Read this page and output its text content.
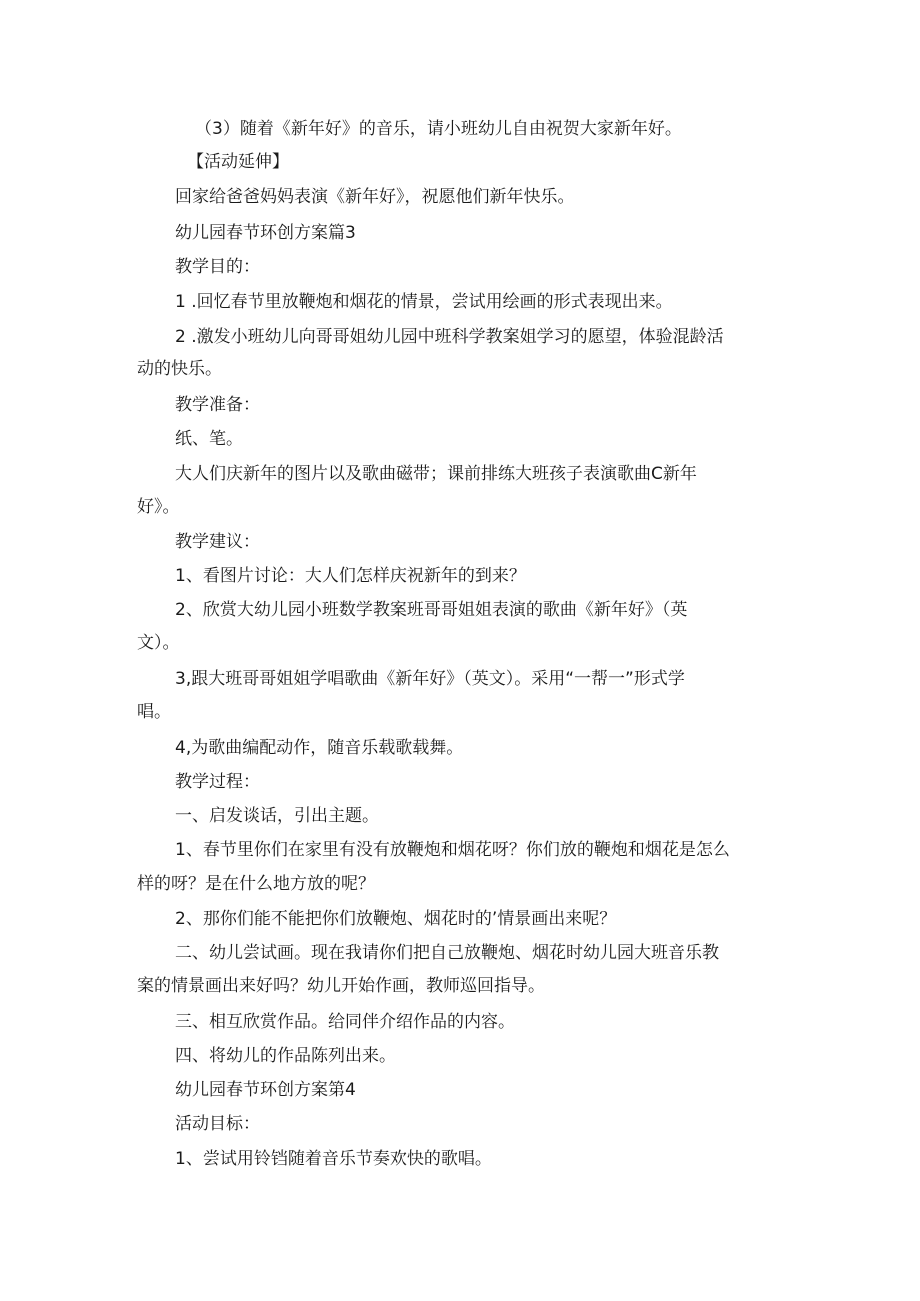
（3）随着《新年好》的音乐，请小班幼儿自由祝贺大家新年好。
【活动延伸】
回家给爸爸妈妈表演《新年好》，祝愿他们新年快乐。
幼儿园春节环创方案篇3
教学目的：
1 .回忆春节里放鞭炮和烟花的情景，尝试用绘画的形式表现出来。
2 .激发小班幼儿向哥哥姐幼儿园中班科学教案姐学习的愿望，体验混龄活
动的快乐。
教学准备：
纸、笔。
大人们庆新年的图片以及歌曲磁带；课前排练大班孩子表演歌曲C新年
好》。
教学建议：
1、看图片讨论：大人们怎样庆祝新年的到来？
2、欣赏大幼儿园小班数学教案班哥哥姐姐表演的歌曲《新年好》（英
文）。
3,跟大班哥哥姐姐学唱歌曲《新年好》（英文）。采用“一帮一”形式学
唱。
4,为歌曲编配动作，随音乐载歌载舞。
教学过程：
一、启发谈话，引出主题。
1、春节里你们在家里有没有放鞭炮和烟花呀？你们放的鞭炮和烟花是怎么
样的呀？是在什么地方放的呢？
2、那你们能不能把你们放鞭炮、烟花时的’情景画出来呢？
二、幼儿尝试画。现在我请你们把自己放鞭炮、烟花时幼儿园大班音乐教
案的情景画出来好吗？幼儿开始作画，教师巡回指导。
三、相互欣赏作品。给同伴介绍作品的内容。
四、将幼儿的作品陈列出来。
幼儿园春节环创方案第4
活动目标：
1、尝试用铃铛随着音乐节奏欢快的歌唱。
